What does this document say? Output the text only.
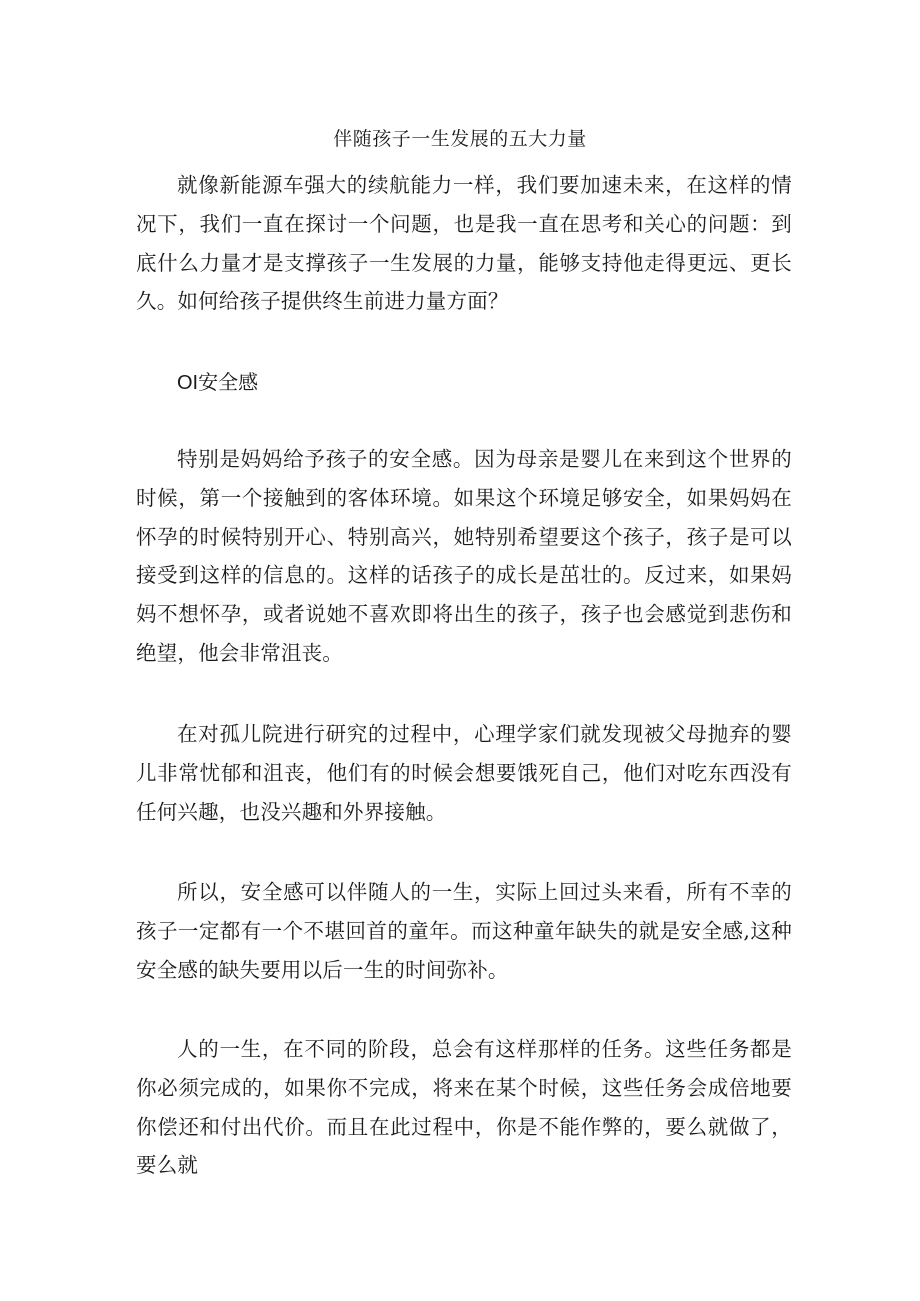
伴随孩子一生发展的五大力量

就像新能源车强大的续航能力一样，我们要加速未来，在这样的情况下，我们一直在探讨一个问题，也是我一直在思考和关心的问题：到底什么力量才是支撑孩子一生发展的力量，能够支持他走得更远、更长久。如何给孩子提供终生前进力量方面？

OI安全感

特别是妈妈给予孩子的安全感。因为母亲是婴儿在来到这个世界的时候，第一个接触到的客体环境。如果这个环境足够安全，如果妈妈在怀孕的时候特别开心、特别高兴，她特别希望要这个孩子，孩子是可以接受到这样的信息的。这样的话孩子的成长是茁壮的。反过来，如果妈妈不想怀孕，或者说她不喜欢即将出生的孩子，孩子也会感觉到悲伤和绝望，他会非常沮丧。

在对孤儿院进行研究的过程中，心理学家们就发现被父母抛弃的婴儿非常忧郁和沮丧，他们有的时候会想要饿死自己，他们对吃东西没有任何兴趣，也没兴趣和外界接触。

所以，安全感可以伴随人的一生，实际上回过头来看，所有不幸的孩子一定都有一个不堪回首的童年。而这种童年缺失的就是安全感,这种安全感的缺失要用以后一生的时间弥补。

人的一生，在不同的阶段，总会有这样那样的任务。这些任务都是你必须完成的，如果你不完成，将来在某个时候，这些任务会成倍地要你偿还和付出代价。而且在此过程中，你是不能作弊的，要么就做了，要么就
